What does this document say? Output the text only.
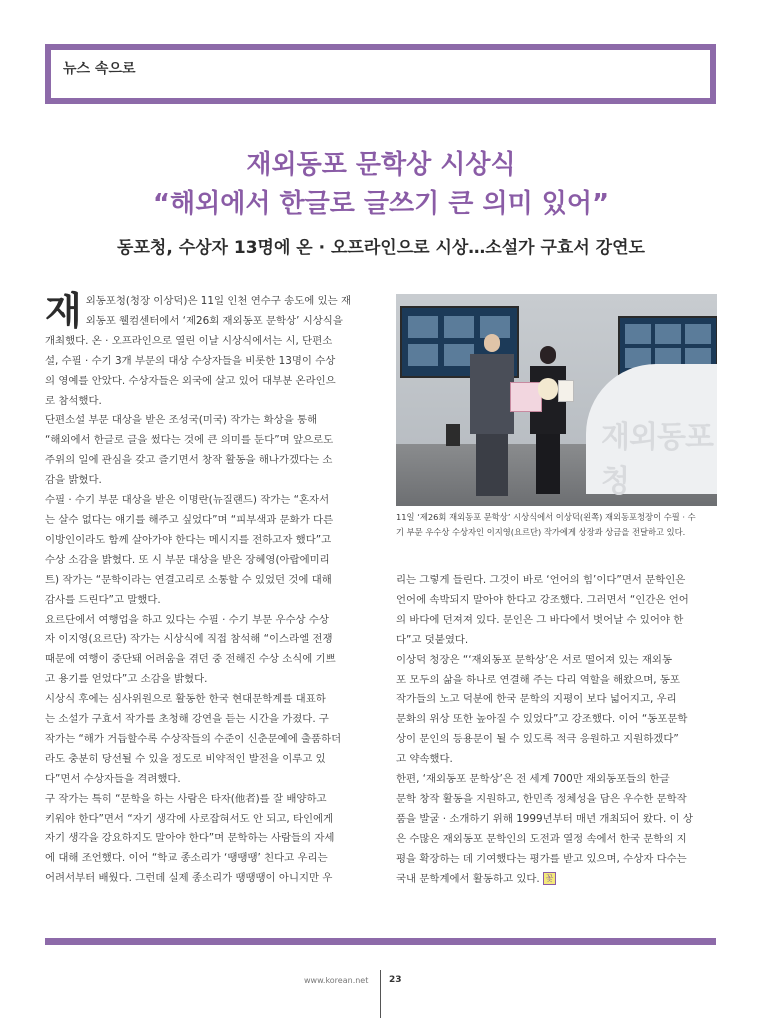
뉴스 속으로
재외동포 문학상 시상식
“해외에서 한글로 글쓰기 큰 의미 있어”
동포청, 수상자 13명에 온 · 오프라인으로 시상…소설가 구효서 강연도
재 외동포청(청장 이상덕)은 11일 인천 연수구 송도에 있는 재

외동포 웰컴센터에서 ‘제26회 재외동포 문학상’ 시상식을

개최했다. 온 · 오프라인으로 열린 이날 시상식에서는 시, 단편소

설, 수필 · 수기 3개 부문의 대상 수상자들을 비롯한 13명이 수상

의 영예를 안았다. 수상자들은 외국에 살고 있어 대부분 온라인으

로 참석했다.

단편소설 부문 대상을 받은 조성국(미국) 작가는 화상을 통해

“해외에서 한글로 글을 썼다는 것에 큰 의미를 둔다”며 앞으로도

주위의 일에 관심을 갖고 즐기면서 창작 활동을 해나가겠다는 소

감을 밝혔다.

수필 · 수기 부문 대상을 받은 이명란(뉴질랜드) 작가는 “혼자서

는 살수 없다는 얘기를 해주고 싶었다”며 “피부색과 문화가 다른

이방인이라도 함께 살아가야 한다는 메시지를 전하고자 했다”고

수상 소감을 밝혔다. 또 시 부문 대상을 받은 장혜영(아랍에미리

트) 작가는 “문학이라는 연결고리로 소통할 수 있었던 것에 대해

감사를 드린다”고 말했다.

요르단에서 여행업을 하고 있다는 수필 · 수기 부문 우수상 수상

자 이지영(요르단) 작가는 시상식에 직접 참석해 “이스라엘 전쟁

때문에 여행이 중단돼 어려움을 겪던 중 전해진 수상 소식에 기쁘

고 용기를 얻었다”고 소감을 밝혔다.

시상식 후에는 심사위원으로 활동한 한국 현대문학계를 대표하

는 소설가 구효서 작가를 초청해 강연을 듣는 시간을 가졌다. 구

작가는 “해가 거듭할수록 수상작들의 수준이 신춘문예에 출품하더

라도 충분히 당선될 수 있을 정도로 비약적인 발전을 이루고 있

다”면서 수상자들을 격려했다.

구 작가는 특히 “문학을 하는 사람은 타자(他者)를 잘 배양하고

키워야 한다”면서 “자기 생각에 사로잡혀서도 안 되고, 타인에게

자기 생각을 강요하지도 말아야 한다”며 문학하는 사람들의 자세

에 대해 조언했다. 이어 “학교 종소리가 ‘땡땡땡’ 친다고 우리는

어려서부터 배웠다. 그런데 실제 종소리가 땡땡땡이 아니지만 우

재외동포청

11일 ‘제26회 재외동포 문학상’ 시상식에서 이상덕(왼쪽) 재외동포청장이 수필 · 수

기 부문 우수상 수상자인 이지영(요르단) 작가에게 상장과 상금을 전달하고 있다.

리는 그렇게 들린다. 그것이 바로 ‘언어의 힘’이다”면서 문학인은

언어에 속박되지 말아야 한다고 강조했다. 그러면서 “인간은 언어

의 바다에 던져져 있다. 문인은 그 바다에서 벗어날 수 있어야 한

다”고 덧붙였다.

이상덕 청장은 “‘재외동포 문학상’은 서로 떨어져 있는 재외동

포 모두의 삶을 하나로 연결해 주는 다리 역할을 해왔으며, 동포

작가들의 노고 덕분에 한국 문학의 지평이 보다 넓어지고, 우리

문화의 위상 또한 높아질 수 있었다”고 강조했다. 이어 “동포문학

상이 문인의 등용문이 될 수 있도록 적극 응원하고 지원하겠다”

고 약속했다.

한편, ‘재외동포 문학상’은 전 세계 700만 재외동포들의 한글

문학 창작 활동을 지원하고, 한민족 정체성을 담은 우수한 문학작

품을 발굴 · 소개하기 위해 1999년부터 매년 개최되어 왔다. 이 상

은 수많은 재외동포 문학인의 도전과 열정 속에서 한국 문학의 지

평을 확장하는 데 기여했다는 평가를 받고 있으며, 수상자 다수는

국내 문학계에서 활동하고 있다. 꽃

www.korean.net 23
